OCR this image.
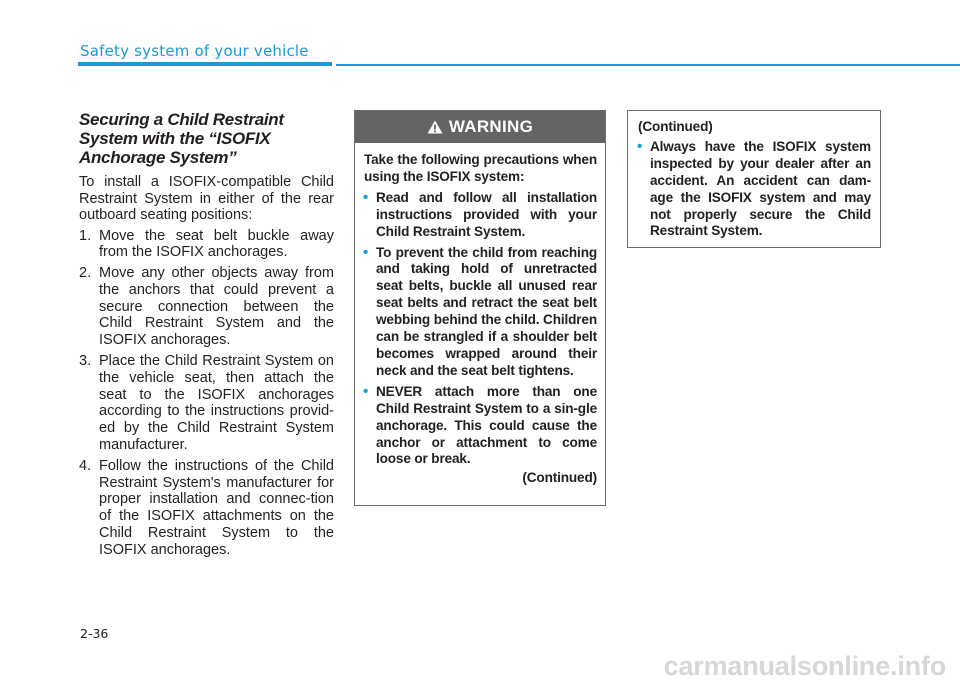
Safety system of your vehicle
Securing a Child Restraint System with the “ISOFIX Anchorage System”

To install a ISOFIX-compatible Child Restraint System in either of the rear outboard seating positions:

1. Move the seat belt buckle away from the ISOFIX anchorages.
2. Move any other objects away from the anchors that could prevent a secure connection between the Child Restraint System and the ISOFIX anchorages.
3. Place the Child Restraint System on the vehicle seat, then attach the seat to the ISOFIX anchorages according to the instructions provid-ed by the Child Restraint System manufacturer.
4. Follow the instructions of the Child Restraint System's manufacturer for proper installation and connec-tion of the ISOFIX attachments on the Child Restraint System to the ISOFIX anchorages.
WARNING

Take the following precautions when using the ISOFIX system:

• Read and follow all installation instructions provided with your Child Restraint System.
• To prevent the child from reaching and taking hold of unretracted seat belts, buckle all unused rear seat belts and retract the seat belt webbing behind the child. Children can be strangled if a shoulder belt becomes wrapped around their neck and the seat belt tightens.
• NEVER attach more than one Child Restraint System to a sin-gle anchorage. This could cause the anchor or attachment to come loose or break.

(Continued)

(Continued)

• Always have the ISOFIX system inspected by your dealer after an accident. An accident can dam-age the ISOFIX system and may not properly secure the Child Restraint System.
2-36
carmanualsonline.info
